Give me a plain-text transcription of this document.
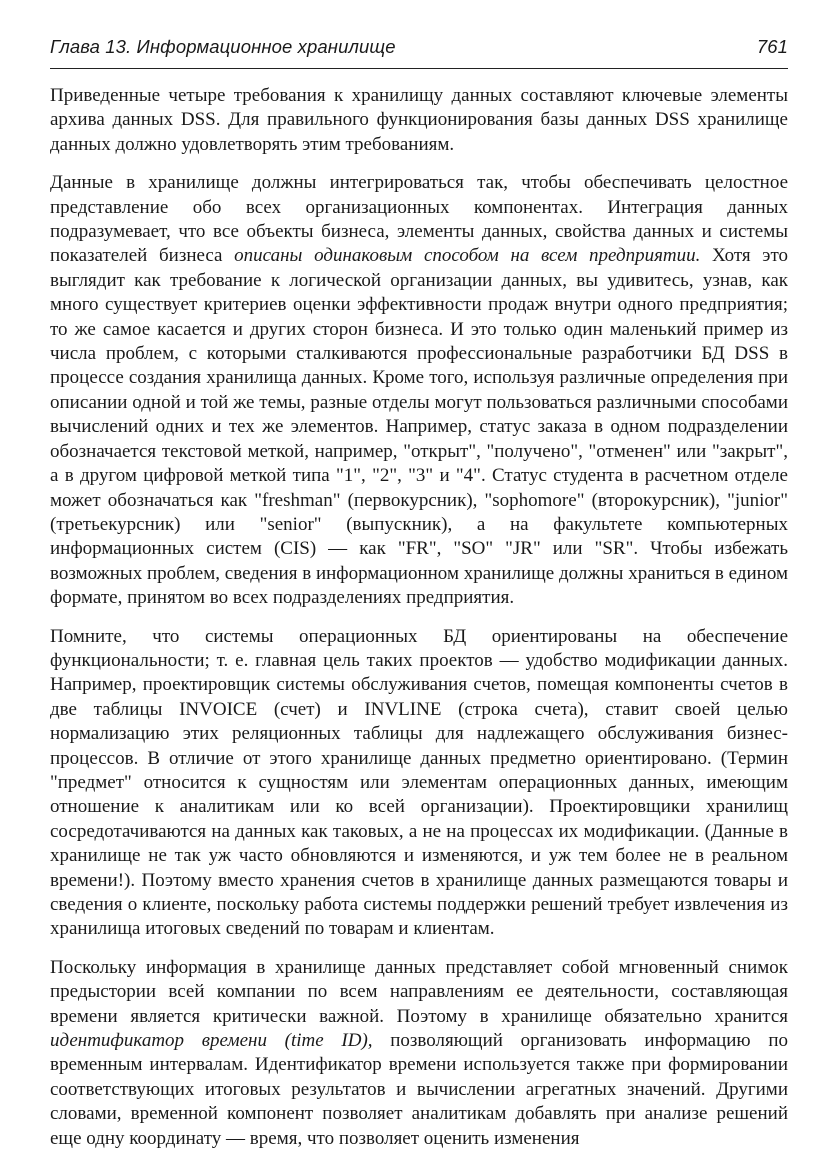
Глава 13. Информационное хранилище	761

Приведенные четыре требования к хранилищу данных составляют ключевые элементы архива данных DSS. Для правильного функционирования базы данных DSS хранилище данных должно удовлетворять этим требованиям.

Данные в хранилище должны интегрироваться так, чтобы обеспечивать целостное представление обо всех организационных компонентах. Интеграция данных подразумевает, что все объекты бизнеса, элементы данных, свойства данных и системы показателей бизнеса описаны одинаковым способом на всем предприятии. Хотя это выглядит как требование к логической организации данных, вы удивитесь, узнав, как много существует критериев оценки эффективности продаж внутри одного предприятия; то же самое касается и других сторон бизнеса. И это только один маленький пример из числа проблем, с которыми сталкиваются профессиональные разработчики БД DSS в процессе создания хранилища данных. Кроме того, используя различные определения при описании одной и той же темы, разные отделы могут пользоваться различными способами вычислений одних и тех же элементов. Например, статус заказа в одном подразделении обозначается текстовой меткой, например, "открыт", "получено", "отменен" или "закрыт", а в другом цифровой меткой типа "1", "2", "3" и "4". Статус студента в расчетном отделе может обозначаться как "freshman" (первокурсник), "sophomore" (второкурсник), "junior" (третьекурсник) или "senior" (выпускник), а на факультете компьютерных информационных систем (CIS) — как "FR", "SO" "JR" или "SR". Чтобы избежать возможных проблем, сведения в информационном хранилище должны храниться в едином формате, принятом во всех подразделениях предприятия.

Помните, что системы операционных БД ориентированы на обеспечение функциональности; т. е. главная цель таких проектов — удобство модификации данных. Например, проектировщик системы обслуживания счетов, помещая компоненты счетов в две таблицы INVOICE (счет) и INVLINE (строка счета), ставит своей целью нормализацию этих реляционных таблицы для надлежащего обслуживания бизнес-процессов. В отличие от этого хранилище данных предметно ориентировано. (Термин "предмет" относится к сущностям или элементам операционных данных, имеющим отношение к аналитикам или ко всей организации). Проектировщики хранилищ сосредотачиваются на данных как таковых, а не на процессах их модификации. (Данные в хранилище не так уж часто обновляются и изменяются, и уж тем более не в реальном времени!). Поэтому вместо хранения счетов в хранилище данных размещаются товары и сведения о клиенте, поскольку работа системы поддержки решений требует извлечения из хранилища итоговых сведений по товарам и клиентам.

Поскольку информация в хранилище данных представляет собой мгновенный снимок предыстории всей компании по всем направлениям ее деятельности, составляющая времени является критически важной. Поэтому в хранилище обязательно хранится идентификатор времени (time ID), позволяющий организовать информацию по временным интервалам. Идентификатор времени используется также при формировании соответствующих итоговых результатов и вычислении агрегатных значений. Другими словами, временной компонент позволяет аналитикам добавлять при анализе решений еще одну координату — время, что позволяет оценить изменения
